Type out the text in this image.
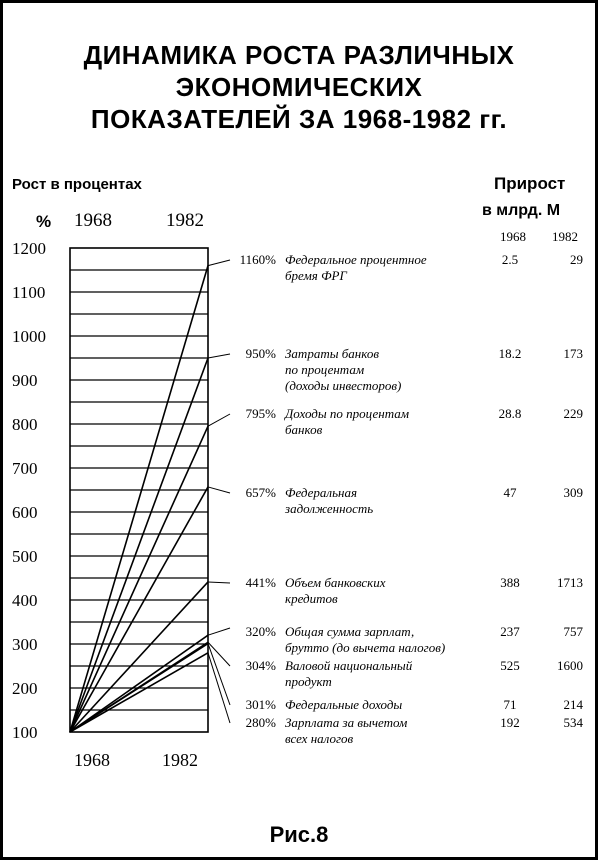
ДИНАМИКА РОСТА РАЗЛИЧНЫХ
ЭКОНОМИЧЕСКИХ
ПОКАЗАТЕЛЕЙ ЗА 1968-1982 гг.
Рост в процентах
% 1968	1982
Прирост
в млрд. М
1968 1982
100
200
300
400
500
600
700
800
900
1000
1100
1200
1968	1982
1160% Федеральное процентное
бремя ФРГ
2.5	29
950% Затраты банков
по процентам
(доходы инвесторов)
18.2	173
795% Доходы по процентам
банков
28.8	229
657% Федеральная
задолженность
47	309
441% Объем банковских
кредитов
388	1713
320% Общая сумма зарплат,
брутто (до вычета налогов)
237	757
304% Валовой национальный
продукт
525	1600
301% Федеральные доходы	71	214
280% Зарплата за вычетом
всех налогов
192	534
Рис.8
